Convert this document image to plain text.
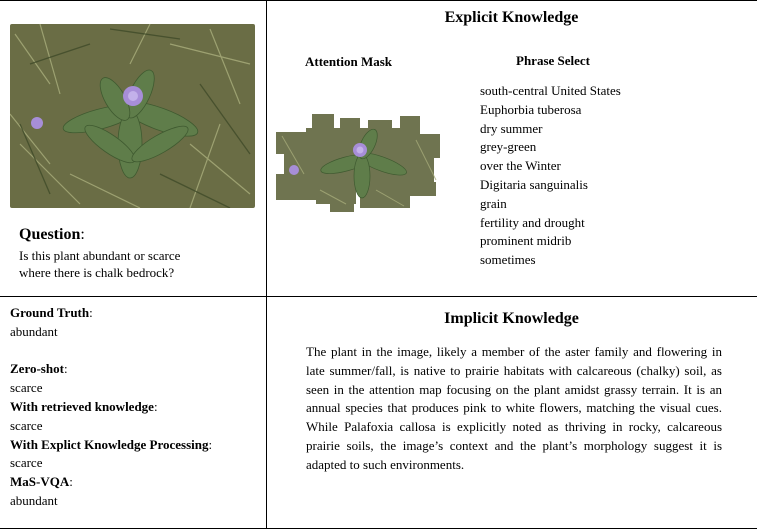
Question:
Is this plant abundant or scarce
where there is chalk bedrock?
Explicit Knowledge
Attention Mask	Phrase Select
south-central United States
Euphorbia tuberosa
dry summer
grey-green
over the Winter
Digitaria sanguinalis
grain
fertility and drought
prominent midrib
sometimes
Ground Truth:
abundant
Zero-shot:
scarce
With retrieved knowledge:
scarce
With Explict Knowledge Processing:
scarce
MaS-VQA:
abundant
Implicit Knowledge
The plant in the image, likely a member of the aster family and flowering in late summer/fall, is native to prairie habitats with calcareous (chalky) soil, as seen in the attention map focusing on the plant amidst grassy terrain. It is an annual species that produces pink to white flowers, matching the visual cues. While Palafoxia callosa is explicitly noted as thriving in rocky, calcareous prairie soils, the image’s context and the plant’s morphology suggest it is adapted to such environments.
